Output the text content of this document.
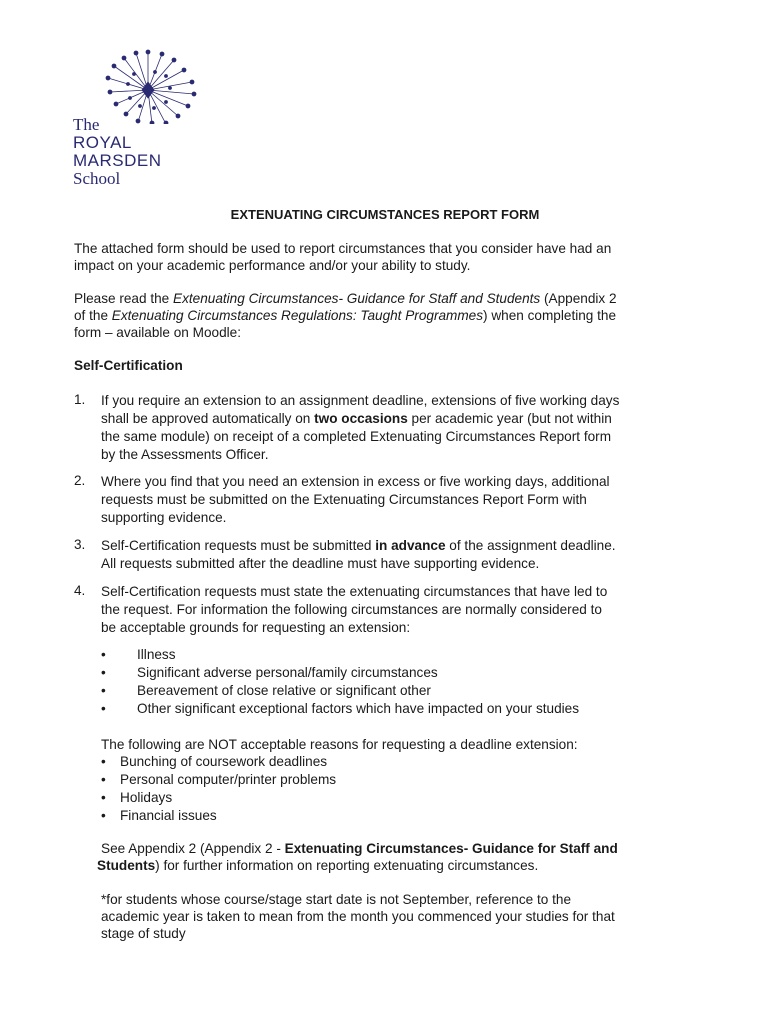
The
ROYAL
MARSDEN
School
EXTENUATING CIRCUMSTANCES REPORT FORM
The attached form should be used to report circumstances that you consider have had an
impact on your academic performance and/or your ability to study.
Please read the Extenuating Circumstances- Guidance for Staff and Students (Appendix 2
of the Extenuating Circumstances Regulations: Taught Programmes) when completing the
form – available on Moodle:
Self-Certification
1. If you require an extension to an assignment deadline, extensions of five working days
shall be approved automatically on two occasions per academic year (but not within
the same module) on receipt of a completed Extenuating Circumstances Report form
by the Assessments Officer.
2. Where you find that you need an extension in excess or five working days, additional
requests must be submitted on the Extenuating Circumstances Report Form with
supporting evidence.
3. Self-Certification requests must be submitted in advance of the assignment deadline.
All requests submitted after the deadline must have supporting evidence.
4. Self-Certification requests must state the extenuating circumstances that have led to
the request. For information the following circumstances are normally considered to
be acceptable grounds for requesting an extension:
• Illness
• Significant adverse personal/family circumstances
• Bereavement of close relative or significant other
• Other significant exceptional factors which have impacted on your studies
The following are NOT acceptable reasons for requesting a deadline extension:
• Bunching of coursework deadlines
• Personal computer/printer problems
• Holidays
• Financial issues
See Appendix 2 (Appendix 2 - Extenuating Circumstances- Guidance for Staff and
Students) for further information on reporting extenuating circumstances.
*for students whose course/stage start date is not September, reference to the
academic year is taken to mean from the month you commenced your studies for that
stage of study
